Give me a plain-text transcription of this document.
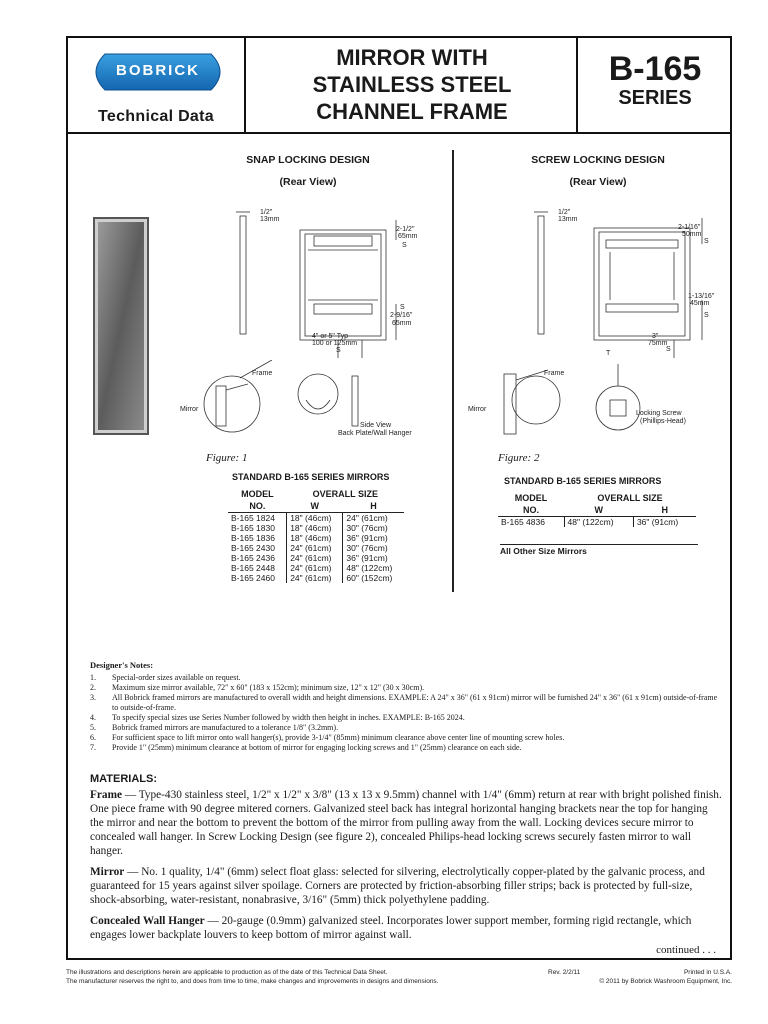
BOBRICK
Technical Data
MIRROR WITH
STAINLESS STEEL
CHANNEL FRAME
B-165
SERIES
SNAP LOCKING DESIGN
(Rear View)
1/2"
13mm
2-1/2"
65mm
S
S
2-9/16"
65mm
4" or 5" Typ
100 or 125mm
S
Frame
Mirror
Side View
Back Plate/Wall Hanger
Figure: 1
STANDARD B-165 SERIES MIRRORS
MODEL	OVERALL SIZE	
NO.	W	H
B-165 1824	18" (46cm)	24" (61cm)
B-165 1830	18" (46cm)	30" (76cm)
B-165 1836	18" (46cm)	36" (91cm)
B-165 2430	24" (61cm)	30" (76cm)
B-165 2436	24" (61cm)	36" (91cm)
B-165 2448	24" (61cm)	48" (122cm)
B-165 2460	24" (61cm)	60" (152cm)
SCREW LOCKING DESIGN
(Rear View)
1/2"
13mm
2-1/16"
50mm
S
1-13/16"
45mm
S
3"
75mm
S
T
Frame
Mirror
Locking Screw
(Phillips-Head)
Figure: 2
STANDARD B-165 SERIES MIRRORS
MODEL	OVERALL SIZE	
NO.	W	H
B-165 4836	48" (122cm)	36" (91cm)
All Other Size Mirrors
Designer's Notes:
1.	Special-order sizes available on request.
2.	Maximum size mirror available, 72" x 60" (183 x 152cm); minimum size, 12" x 12" (30 x 30cm).
3.	All Bobrick framed mirrors are manufactured to overall width and height dimensions. EXAMPLE: A 24" x 36" (61 x 91cm) mirror will be furnished 24" x 36" (61 x 91cm) outside-of-frame to outside-of-frame.
4.	To specify special sizes use Series Number followed by width then height in inches. EXAMPLE: B-165 2024.
5.	Bobrick framed mirrors are manufactured to a tolerance 1/8" (3.2mm).
6.	For sufficient space to lift mirror onto wall hanger(s), provide 3-1/4" (85mm) minimum clearance above center line of mounting screw holes.
7.	Provide 1" (25mm) minimum clearance at bottom of mirror for engaging locking screws and 1" (25mm) clearance on each side.
MATERIALS:

Frame — Type-430 stainless steel, 1/2" x 1/2" x 3/8" (13 x 13 x 9.5mm) channel with 1/4" (6mm) return at rear with bright polished finish. One piece frame with 90 degree mitered corners. Galvanized steel back has integral horizontal hanging brackets near the top for hanging the mirror and near the bottom to prevent the bottom of the mirror from pulling away from the wall. Locking devices secure mirror to concealed wall hanger. In Screw Locking Design (see figure 2), concealed Philips-head locking screws securely fasten mirror to wall hanger.

Mirror — No. 1 quality, 1/4" (6mm) select float glass: selected for silvering, electrolytically copper-plated by the galvanic process, and guaranteed for 15 years against silver spoilage. Corners are protected by friction-absorbing filler strips; back is protected by full-size, shock-absorbing, water-resistant, nonabrasive, 3/16" (5mm) thick polyethylene padding.

Concealed Wall Hanger — 20-gauge (0.9mm) galvanized steel. Incorporates lower support member, forming rigid rectangle, which engages lower backplate louvers to keep bottom of mirror against wall.

continued . . .
The illustrations and descriptions herein are applicable to production as of the date of this Technical Data Sheet.
The manufacturer reserves the right to, and does from time to time, make changes and improvements in designs and dimensions.
Rev. 2/2/11	Printed in U.S.A.
© 2011 by Bobrick Washroom Equipment, Inc.
